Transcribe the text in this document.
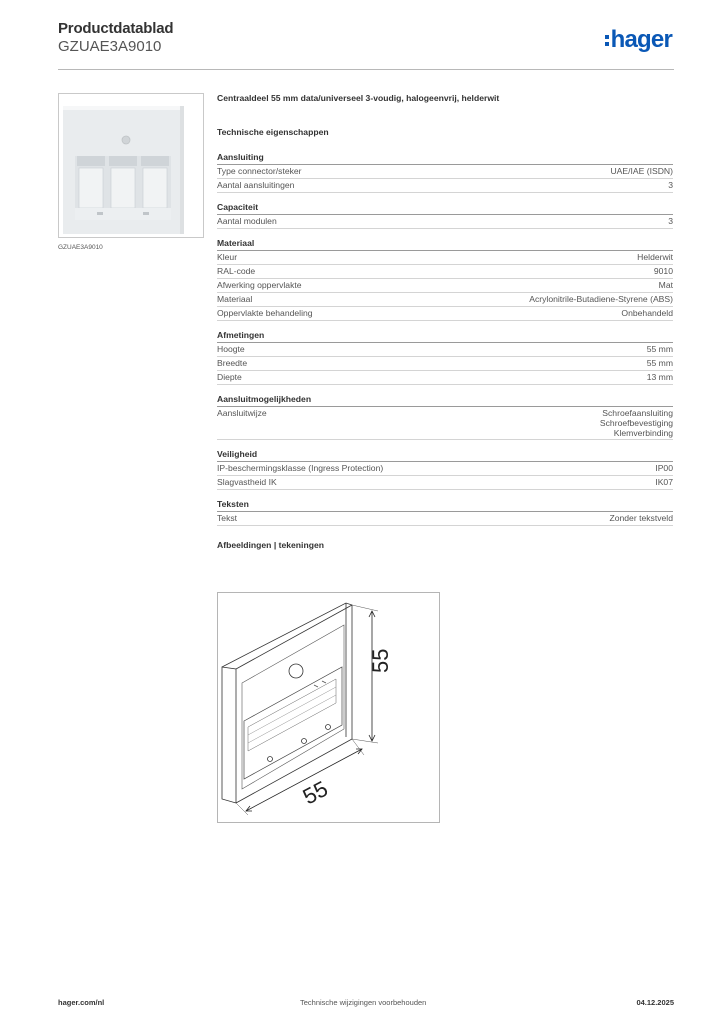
Productdatablad
GZUAE3A9010	hager
GZUAE3A9010
Centraaldeel 55 mm data/universeel 3-voudig, halogeenvrij, helderwit
Technische eigenschappen
Aansluiting
Type connector/steker	UAE/IAE (ISDN)
Aantal aansluitingen	3
Capaciteit
Aantal modulen	3
Materiaal
Kleur	Helderwit
RAL-code	9010
Afwerking oppervlakte	Mat
Materiaal	Acrylonitrile-Butadiene-Styrene (ABS)
Oppervlakte behandeling	Onbehandeld
Afmetingen
Hoogte	55 mm
Breedte	55 mm
Diepte	13 mm
Aansluitmogelijkheden
Aansluitwijze	Schroefaansluiting
Schroefbevestiging
Klemverbinding
Veiligheid
IP-beschermingsklasse (Ingress Protection)	IP00
Slagvastheid IK	IK07
Teksten
Tekst	Zonder tekstveld
Afbeeldingen | tekeningen
55
55
hager.com/nl	Technische wijzigingen voorbehouden	04.12.2025
